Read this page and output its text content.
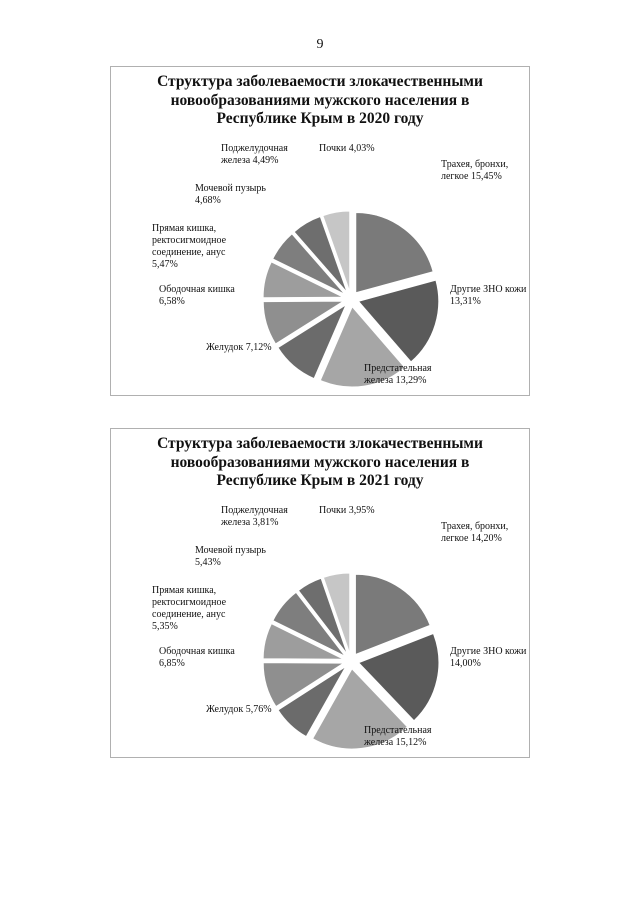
9
Структура заболеваемости злокачественными
новообразованиями мужского населения в
Республике Крым в 2020 году
Трахея, бронхи, легкое 15,45%
Другие ЗНО кожи 13,31%
Предстательная железа 13,29%
Желудок 7,12%
Ободочная кишка 6,58%
Прямая кишка, ректосигмоидное соединение, анус 5,47%
Мочевой пузырь 4,68%
Поджелудочная железа 4,49%
Почки 4,03%
Структура заболеваемости злокачественными
новообразованиями мужского населения в
Республике Крым в 2021 году
Трахея, бронхи, легкое 14,20%
Другие ЗНО кожи 14,00%
Предстательная железа 15,12%
Желудок 5,76%
Ободочная кишка 6,85%
Прямая кишка, ректосигмоидное соединение, анус 5,35%
Мочевой пузырь 5,43%
Поджелудочная железа 3,81%
Почки 3,95%
